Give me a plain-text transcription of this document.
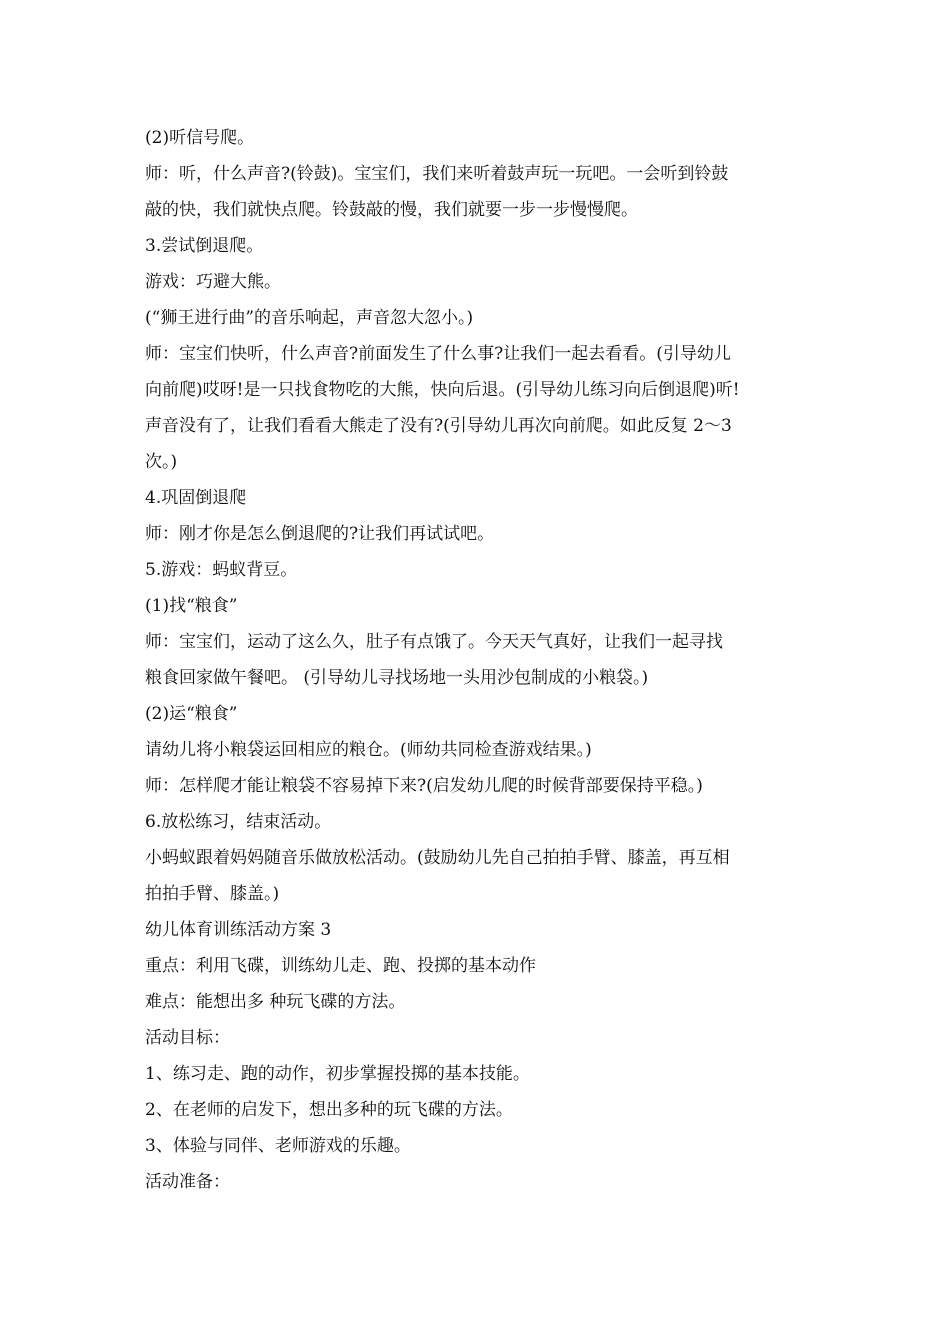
(2)听信号爬。

师：听，什么声音?(铃鼓)。宝宝们，我们来听着鼓声玩一玩吧。一会听到铃鼓

敲的快，我们就快点爬。铃鼓敲的慢，我们就要一步一步慢慢爬。

3.尝试倒退爬。

游戏：巧避大熊。

(“狮王进行曲”的音乐响起，声音忽大忽小。)

师：宝宝们快听，什么声音?前面发生了什么事?让我们一起去看看。(引导幼儿

向前爬)哎呀!是一只找食物吃的大熊，快向后退。(引导幼儿练习向后倒退爬)听!

声音没有了，让我们看看大熊走了没有?(引导幼儿再次向前爬。如此反复 2～3

次。)

4.巩固倒退爬

师：刚才你是怎么倒退爬的?让我们再试试吧。

5.游戏：蚂蚁背豆。

(1)找“粮食”

师：宝宝们，运动了这么久，肚子有点饿了。今天天气真好，让我们一起寻找

粮食回家做午餐吧。 (引导幼儿寻找场地一头用沙包制成的小粮袋。)

(2)运“粮食”

请幼儿将小粮袋运回相应的粮仓。(师幼共同检查游戏结果。)

师：怎样爬才能让粮袋不容易掉下来?(启发幼儿爬的时候背部要保持平稳。)

6.放松练习，结束活动。

小蚂蚁跟着妈妈随音乐做放松活动。(鼓励幼儿先自己拍拍手臂、膝盖，再互相

拍拍手臂、膝盖。)

幼儿体育训练活动方案 3

重点：利用飞碟，训练幼儿走、跑、投掷的基本动作

难点：能想出多 种玩飞碟的方法。

活动目标：

1、练习走、跑的动作，初步掌握投掷的基本技能。

2、在老师的启发下，想出多种的玩飞碟的方法。

3、体验与同伴、老师游戏的乐趣。

活动准备：
